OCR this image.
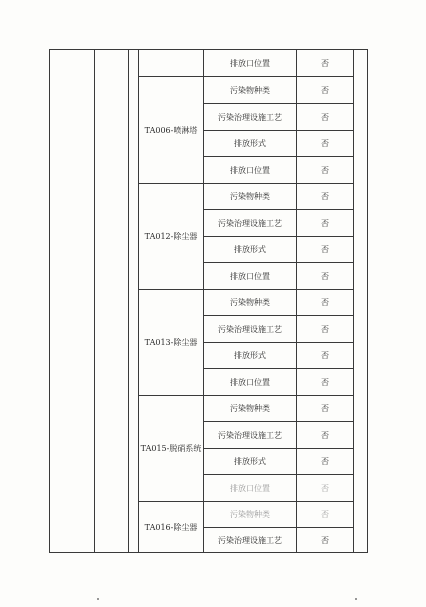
				排放口位置	否	
			TA006-喷淋塔	污染物种类	否	
				污染治理设施工艺	否	
				排放形式	否	
				排放口位置	否	
			TA012-除尘器	污染物种类	否	
				污染治理设施工艺	否	
				排放形式	否	
				排放口位置	否	
			TA013-除尘器	污染物种类	否	
				污染治理设施工艺	否	
				排放形式	否	
				排放口位置	否	
			TA015-脱硝系统	污染物种类	否	
				污染治理设施工艺	否	
				排放形式	否	
				排放口位置	否	
			TA016-除尘器	污染物种类	否	
				污染治理设施工艺	否	
